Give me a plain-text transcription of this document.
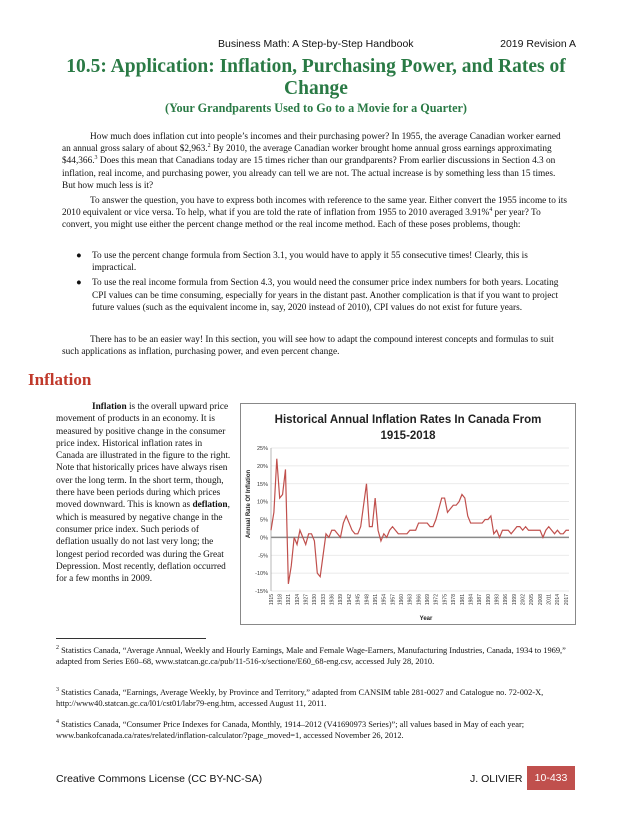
Business Math: A Step-by-Step Handbook	2019 Revision A
10.5: Application: Inflation, Purchasing Power, and Rates of Change
(Your Grandparents Used to Go to a Movie for a Quarter)

How much does inflation cut into people’s incomes and their purchasing power? In 1955, the average Canadian worker earned an annual gross salary of about $2,963.$^2$ By 2010, the average Canadian worker brought home annual gross earnings approximating $44,366.$^3$ Does this mean that Canadians today are 15 times richer than our grandparents? From earlier discussions in Section 4.3 on inflation, real income, and purchasing power, you already can tell we are not. The actual increase is by something less than 15 times. But how much less is it?

To answer the question, you have to express both incomes with reference to the same year. Either convert the 1955 income to its 2010 equivalent or vice versa. To help, what if you are told the rate of inflation from 1955 to 2010 averaged 3.91%$^4$ per year? To convert, you might use either the percent change method or the real income method. Each of these poses problems, though:

● To use the percent change formula from Section 3.1, you would have to apply it 55 consecutive times! Clearly, this is impractical.
● To use the real income formula from Section 4.3, you would need the consumer price index numbers for both years. Locating CPI values can be time consuming, especially for years in the distant past. Another complication is that if you want to project future values (such as the equivalent income in, say, 2020 instead of 2010), CPI values do not exist for future years.

There has to be an easier way! In this section, you will see how to adapt the compound interest concepts and formulas to suit such applications as inflation, purchasing power, and even percent change.

Inflation

Inflation is the overall upward price movement of products in an economy. It is measured by positive change in the consumer price index. Historical inflation rates in Canada are illustrated in the figure to the right. Note that historically prices have always risen over the long term. In the short term, though, there have been periods during which prices moved downward. This is known as deflation, which is measured by negative change in the consumer price index. Such periods of deflation usually do not last very long; the longest period recorded was during the Great Depression. Most recently, deflation occurred for a few months in 2009.

Historical Annual Inflation Rates In Canada From
1915-2018
25%
20%
15%
10%
5%
0%
-5%
-10%
-15%
1915 1918 1921 1924 1927 1930 1933 1936 1939 1942 1945 1948 1951 1954 1957 1960 1963 1966 1969 1972 1975 1978 1981 1984 1987 1990 1993 1996 1999 2002 2005 2008 2011 2014 2017
Annual Rate Of Inflation
Year

$^2$ Statistics Canada, “Average Annual, Weekly and Hourly Earnings, Male and Female Wage-Earners, Manufacturing Industries, Canada, 1934 to 1969,” adapted from Series E60–68, www.statcan.gc.ca/pub/11-516-x/sectione/E60_68-eng.csv, accessed July 28, 2010.

$^3$ Statistics Canada, “Earnings, Average Weekly, by Province and Territory,” adapted from CANSIM table 281-0027 and Catalogue no. 72-002-X, http://www40.statcan.gc.ca/l01/cst01/labr79-eng.htm, accessed August 11, 2011.

$^4$ Statistics Canada, “Consumer Price Indexes for Canada, Monthly, 1914–2012 (V41690973 Series)”; all values based in May of each year; www.bankofcanada.ca/rates/related/inflation-calculator/?page_moved=1, accessed November 26, 2012.

Creative Commons License (CC BY-NC-SA)	J. OLIVIER	10-433
